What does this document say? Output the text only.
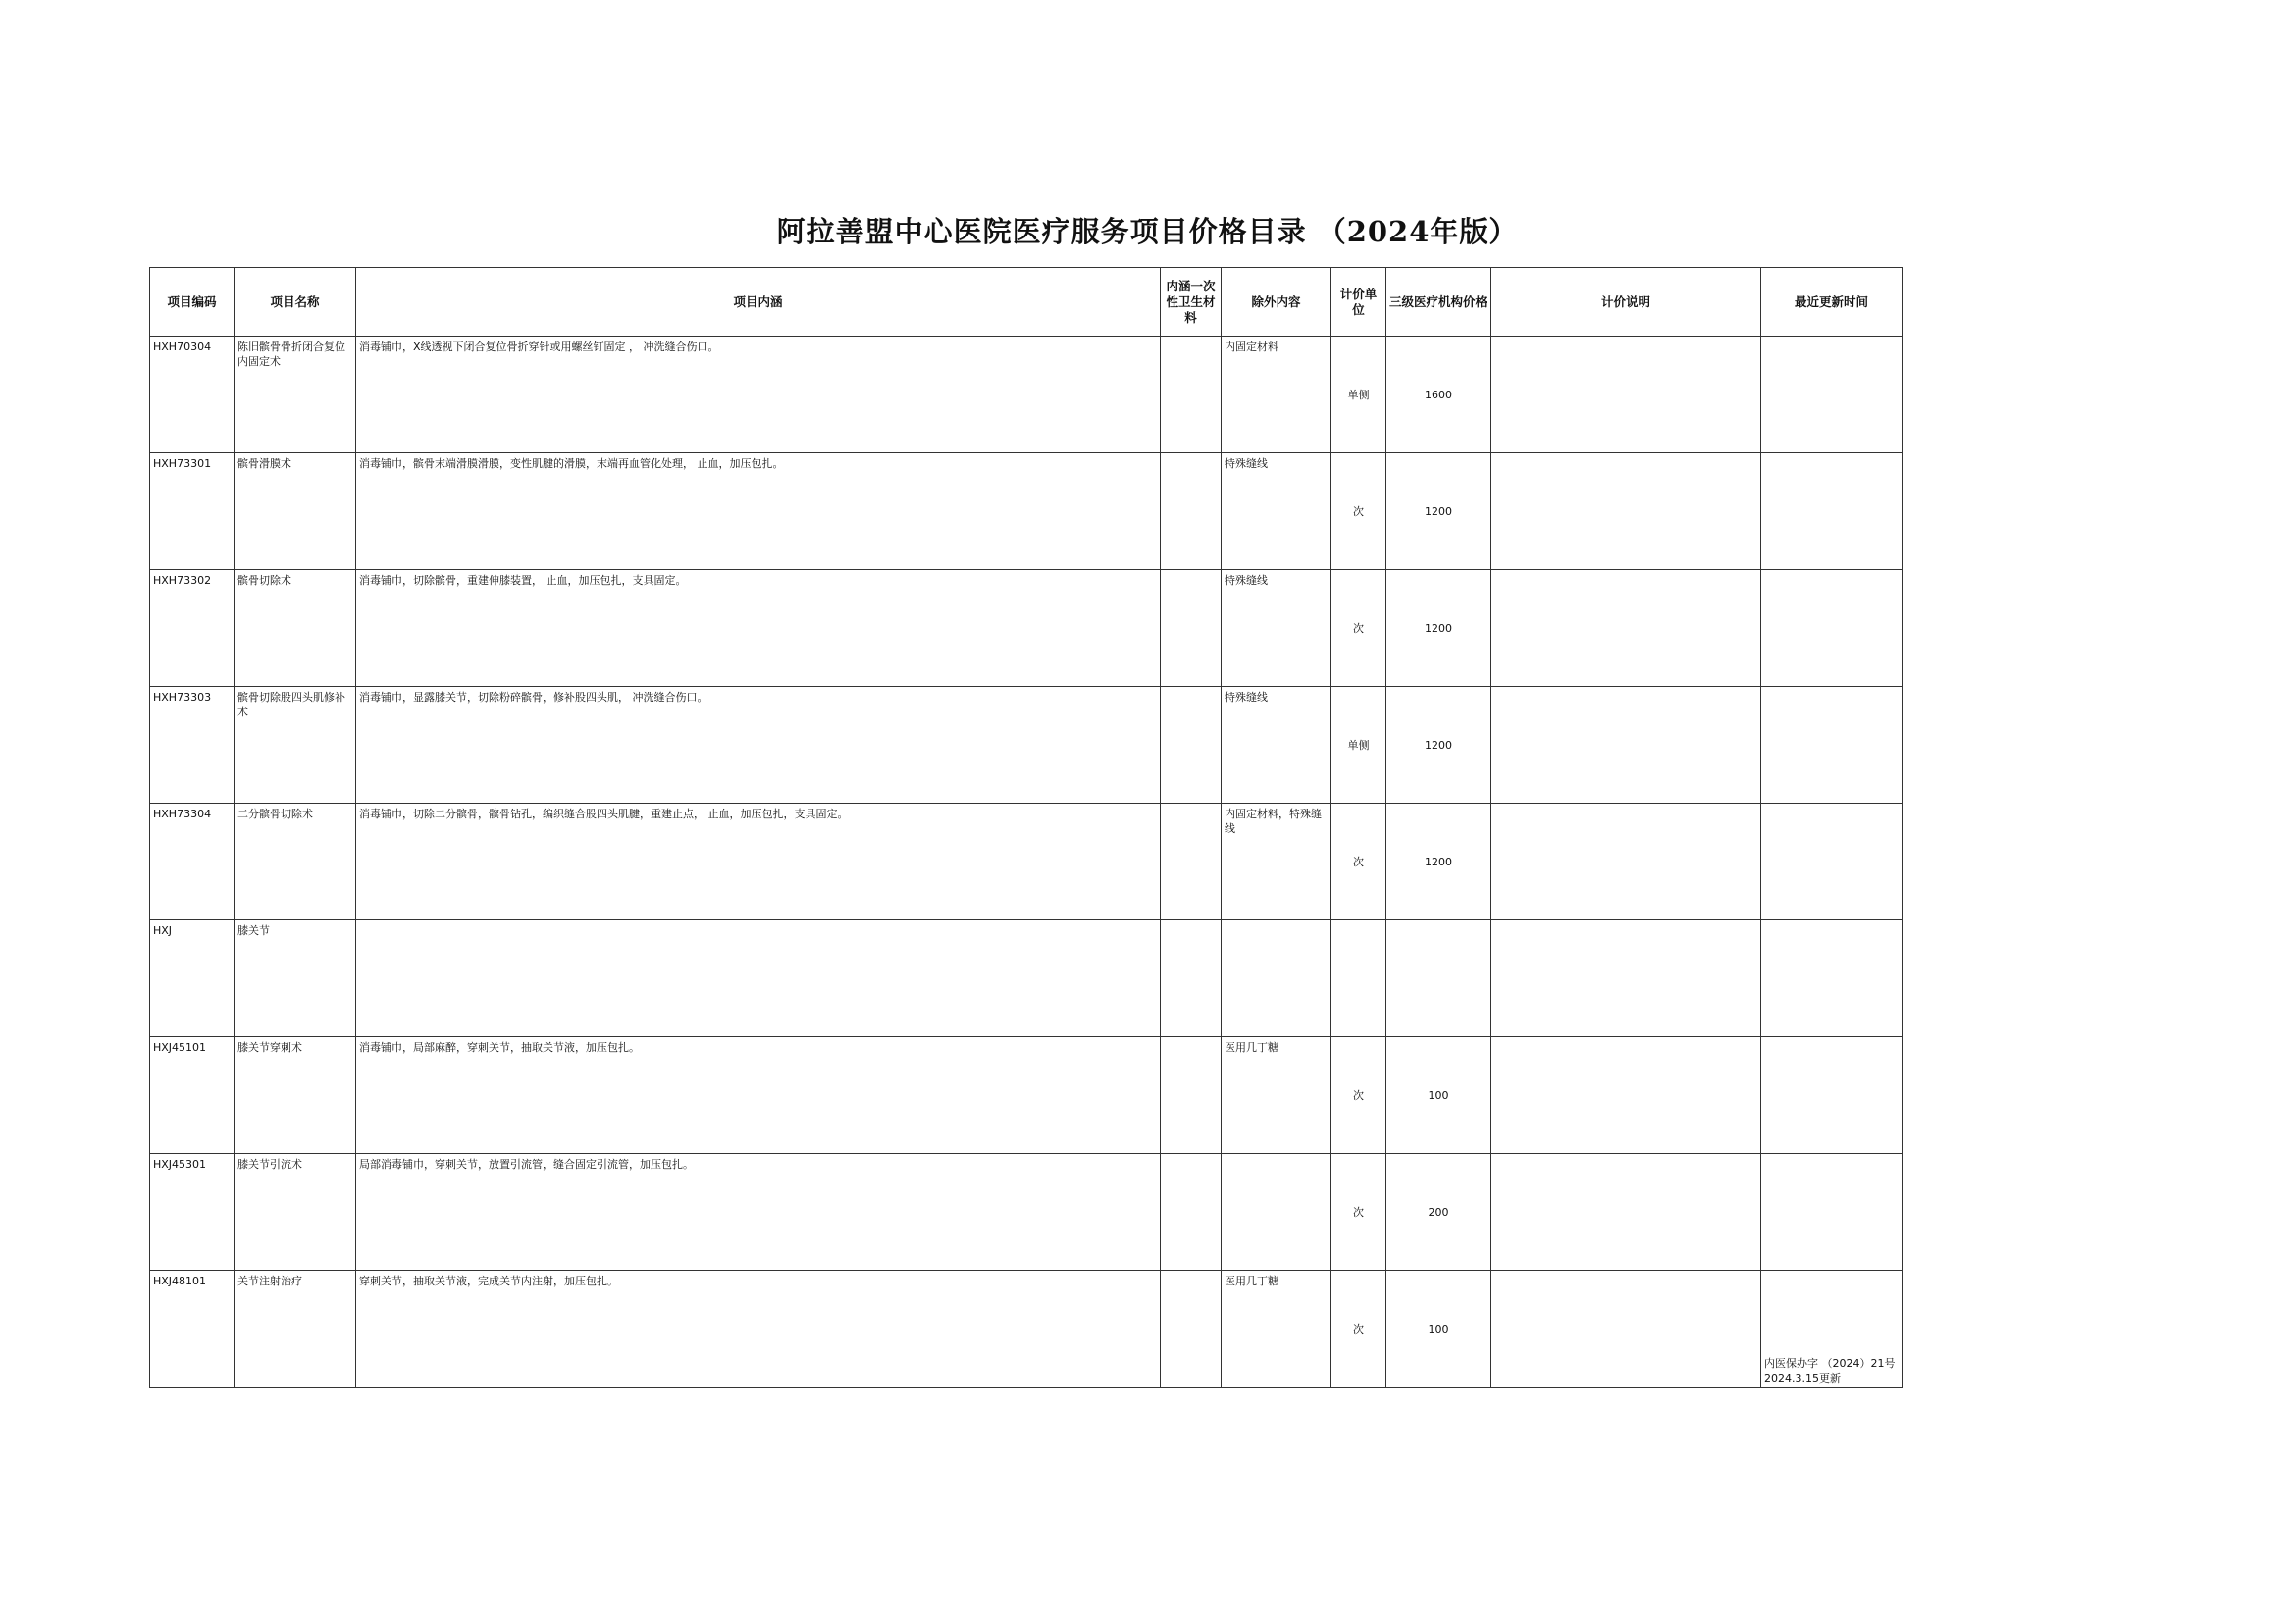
阿拉善盟中心医院医疗服务项目价格目录 （2024年版）
项目编码	项目名称	项目内涵	内涵一次性卫生材料	除外内容	计价单位	三级医疗机构价格	计价说明	最近更新时间
HXH70304	陈旧髌骨骨折闭合复位内固定术	消毒铺巾，X线透视下闭合复位骨折穿针或用螺丝钉固定 ， 冲洗缝合伤口。		内固定材料	单侧	1600		
HXH73301	髌骨滑膜术	消毒铺巾，髌骨末端滑膜滑膜，变性肌腱的滑膜，末端再血管化处理， 止血，加压包扎。		特殊缝线	次	1200		
HXH73302	髌骨切除术	消毒铺巾，切除髌骨，重建伸膝装置， 止血，加压包扎，支具固定。		特殊缝线	次	1200		
HXH73303	髌骨切除股四头肌修补术	消毒铺巾，显露膝关节，切除粉碎髌骨，修补股四头肌， 冲洗缝合伤口。		特殊缝线	单侧	1200		
HXH73304	二分髌骨切除术	消毒铺巾，切除二分髌骨，髌骨钻孔，编织缝合股四头肌腱，重建止点， 止血，加压包扎，支具固定。		内固定材料，特殊缝线	次	1200		
HXJ	膝关节							
HXJ45101	膝关节穿刺术	消毒铺巾，局部麻醉，穿刺关节，抽取关节液，加压包扎。		医用几丁糖	次	100		
HXJ45301	膝关节引流术	局部消毒铺巾，穿刺关节，放置引流管，缝合固定引流管，加压包扎。			次	200		
HXJ48101	关节注射治疗	穿刺关节，抽取关节液，完成关节内注射，加压包扎。		医用几丁糖	次	100		内医保办字 （2024）21号 2024.3.15更新
